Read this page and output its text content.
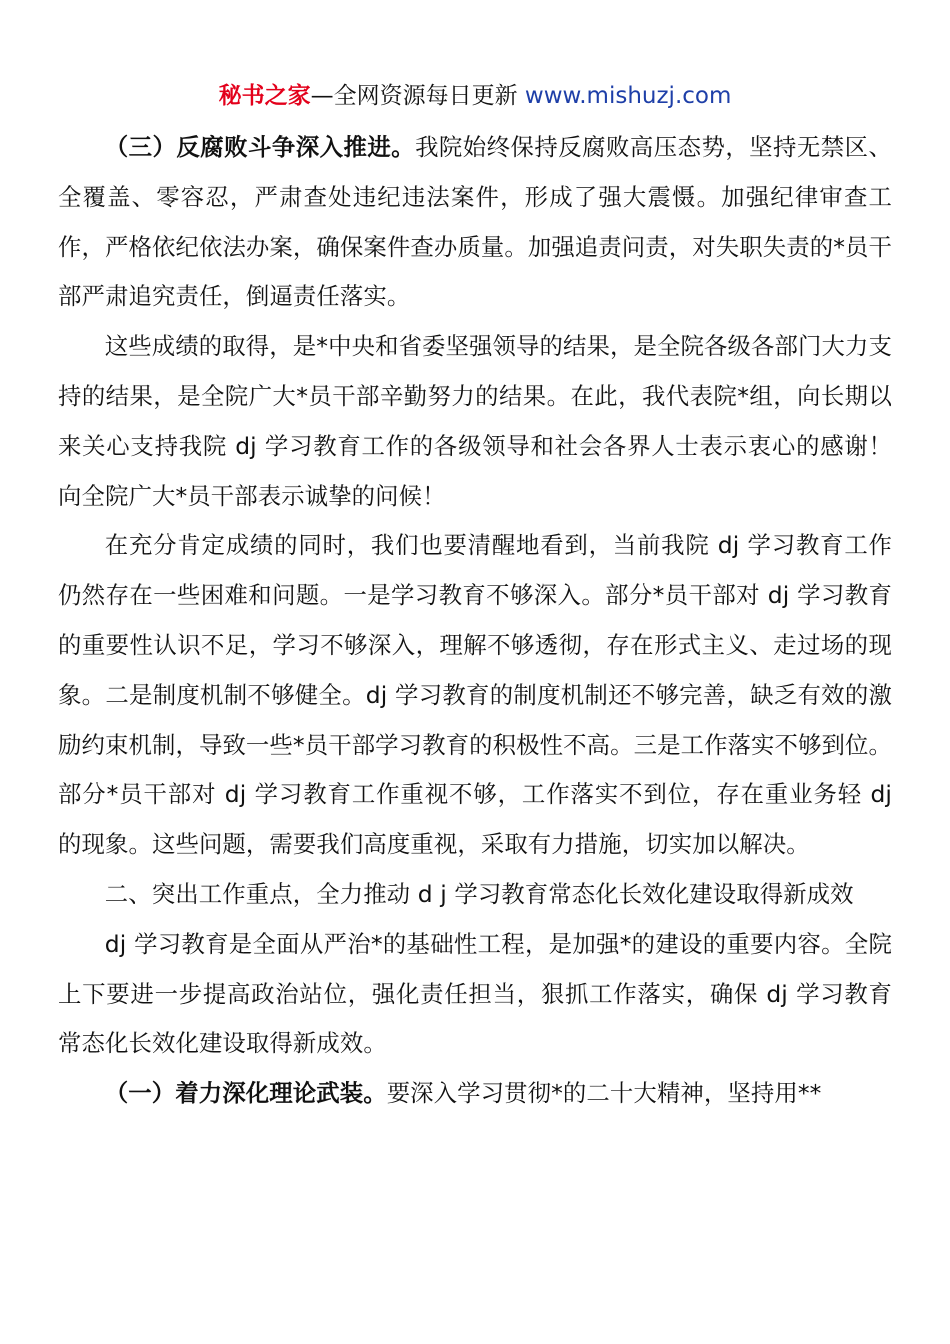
秘书之家—全网资源每日更新 www.mishuzj.com

（三）反腐败斗争深入推进。我院始终保持反腐败高压态势，坚持无禁区、全覆盖、零容忍，严肃查处违纪违法案件，形成了强大震慑。加强纪律审查工作，严格依纪依法办案，确保案件查办质量。加强追责问责，对失职失责的*员干部严肃追究责任，倒逼责任落实。

这些成绩的取得，是*中央和省委坚强领导的结果，是全院各级各部门大力支持的结果，是全院广大*员干部辛勤努力的结果。在此，我代表院*组，向长期以来关心支持我院 dj 学习教育工作的各级领导和社会各界人士表示衷心的感谢！向全院广大*员干部表示诚挚的问候！

在充分肯定成绩的同时，我们也要清醒地看到，当前我院 dj 学习教育工作仍然存在一些困难和问题。一是学习教育不够深入。部分*员干部对 dj 学习教育的重要性认识不足，学习不够深入，理解不够透彻，存在形式主义、走过场的现象。二是制度机制不够健全。dj 学习教育的制度机制还不够完善，缺乏有效的激励约束机制，导致一些*员干部学习教育的积极性不高。三是工作落实不够到位。部分*员干部对 dj 学习教育工作重视不够，工作落实不到位，存在重业务轻 dj 的现象。这些问题，需要我们高度重视，采取有力措施，切实加以解决。

二、突出工作重点，全力推动 d j 学习教育常态化长效化建设取得新成效

dj 学习教育是全面从严治*的基础性工程，是加强*的建设的重要内容。全院上下要进一步提高政治站位，强化责任担当，狠抓工作落实，确保 dj 学习教育常态化长效化建设取得新成效。

（一）着力深化理论武装。要深入学习贯彻*的二十大精神，坚持用**
